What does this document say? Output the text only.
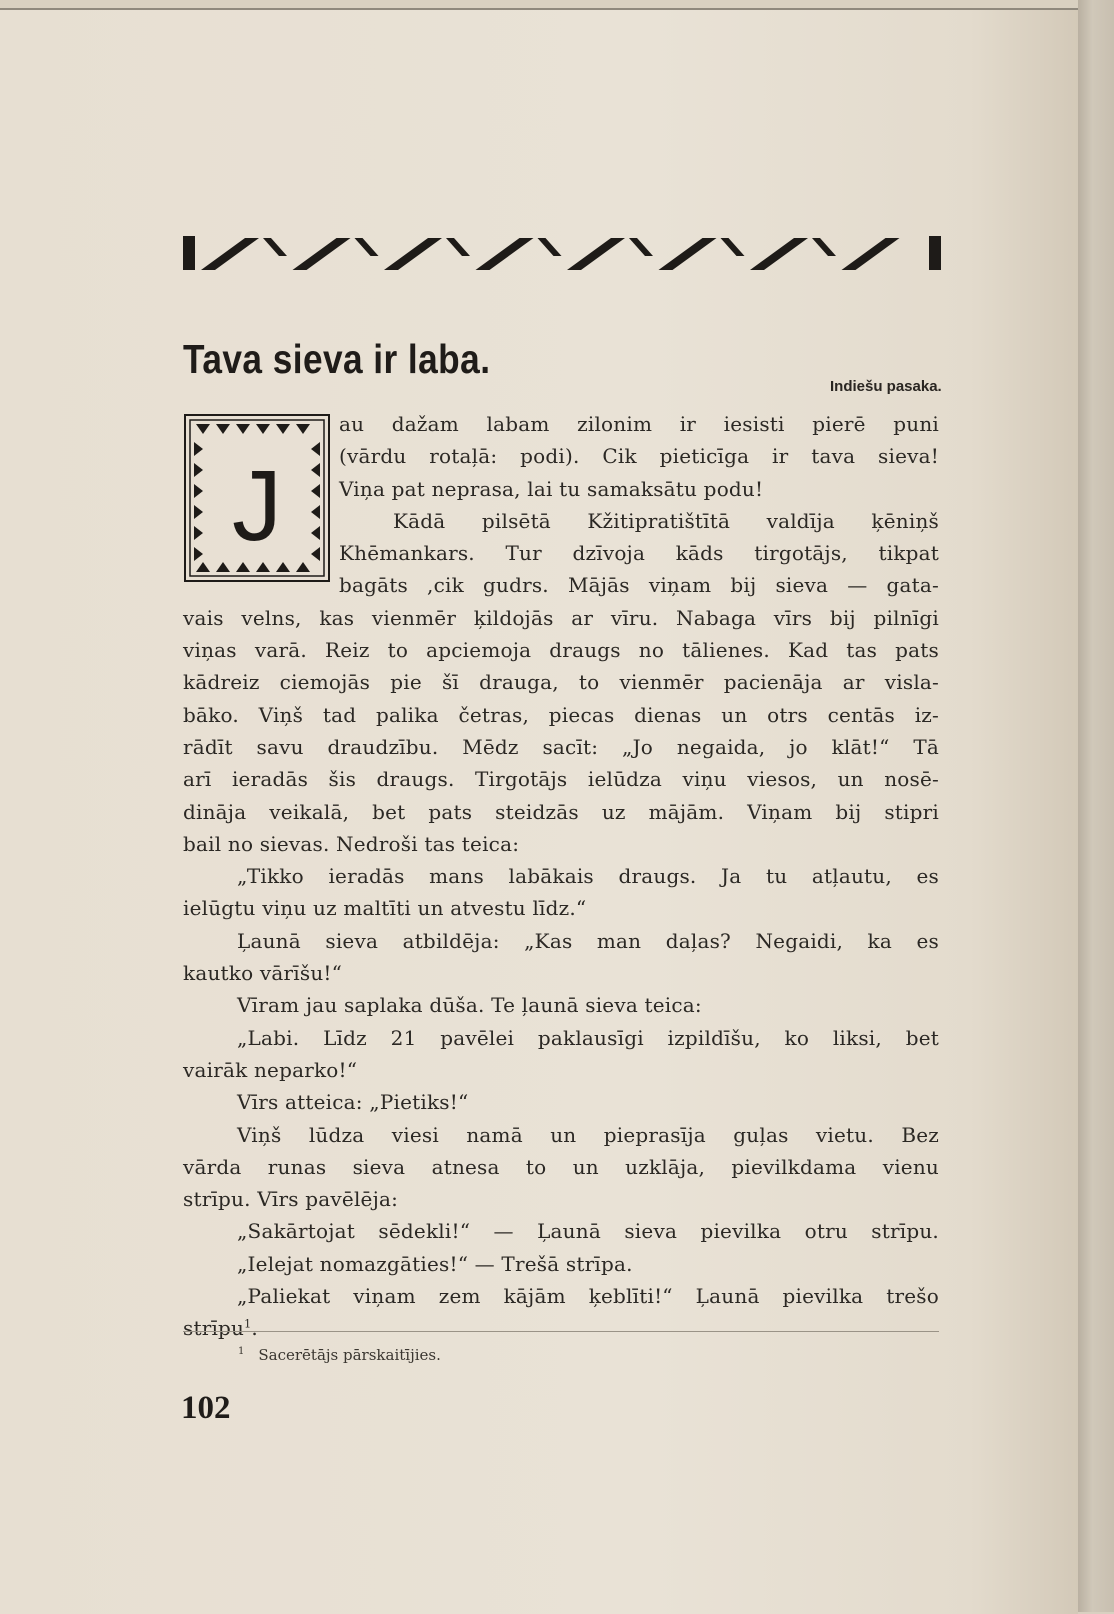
Tava sieva ir laba.
Indiešu pasaka.
J
au dažam labam zilonim ir iesisti pierē puni
(vārdu rotaļā: podi). Cik pieticīga ir tava sieva!
Viņa pat neprasa, lai tu samaksātu podu!
Kādā pilsētā Kžitipratištītā valdīja ķēniņš
Khēmankars. Tur dzīvoja kāds tirgotājs, tikpat
bagāts ,cik gudrs. Mājās viņam bij sieva — gata-
vais velns, kas vienmēr ķildojās ar vīru. Nabaga vīrs bij pilnīgi
viņas varā. Reiz to apciemoja draugs no tālienes. Kad tas pats
kādreiz ciemojās pie šī drauga, to vienmēr pacienāja ar visla-
bāko. Viņš tad palika četras, piecas dienas un otrs centās iz-
rādīt savu draudzību. Mēdz sacīt: „Jo negaida, jo klāt!“ Tā
arī ieradās šis draugs. Tirgotājs ielūdza viņu viesos, un nosē-
dināja veikalā, bet pats steidzās uz mājām. Viņam bij stipri
bail no sievas. Nedroši tas teica:
„Tikko ieradās mans labākais draugs. Ja tu atļautu, es
ielūgtu viņu uz maltīti un atvestu līdz.“
Ļaunā sieva atbildēja: „Kas man daļas? Negaidi, ka es
kautko vārīšu!“
Vīram jau saplaka dūša. Te ļaunā sieva teica:
„Labi. Līdz 21 pavēlei paklausīgi izpildīšu, ko liksi, bet
vairāk neparko!“
Vīrs atteica: „Pietiks!“
Viņš lūdza viesi namā un pieprasīja guļas vietu. Bez
vārda runas sieva atnesa to un uzklāja, pievilkdama vienu
strīpu. Vīrs pavēlēja:
„Sakārtojat sēdekli!“ — Ļaunā sieva pievilka otru strīpu.
„Ielejat nomazgāties!“ — Trešā strīpa.
„Paliekat viņam zem kājām ķeblīti!“ Ļaunā pievilka trešo
strīpu$^1$.
$^1$ Sacerētājs pārskaitījies.
102
